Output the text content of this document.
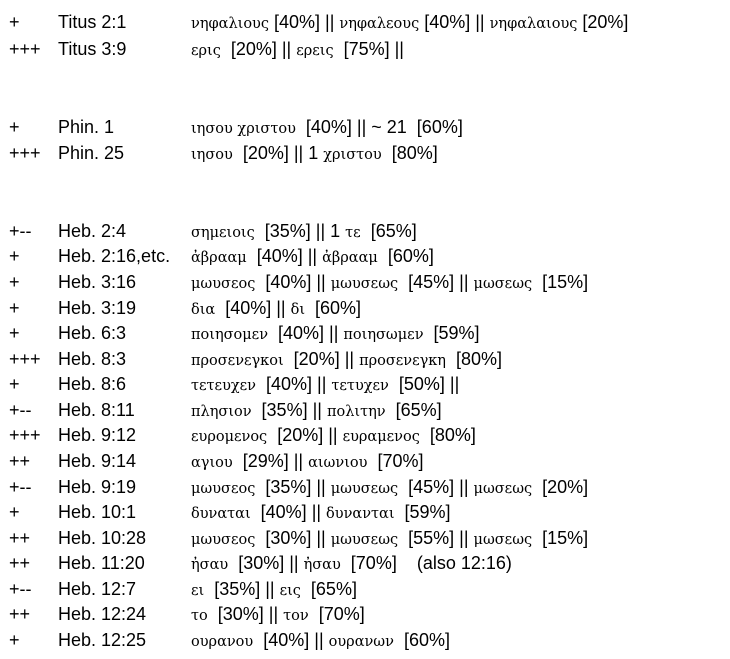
+ Titus 2:1	νηφαλιους [40%] || νηφαλεους [40%] || νηφαλαιους [20%]
+++ Titus 3:9	ερις  [20%] || ερεις  [75%] ||
+ Phin. 1	ιησου χριστου  [40%] || ~ 21  [60%]
+++ Phin. 25	ιησου  [20%] || 1 χριστου  [80%]
+-- Heb. 2:4	σημειοις  [35%] || 1 τε  [65%]
+ Heb. 2:16,etc. ἀβρααμ  [40%] || ἀβρααμ  [60%]
+ Heb. 3:16	μωυσεος  [40%] || μωυσεως  [45%] || μωσεως  [15%]
+ Heb. 3:19	δια  [40%] || δι  [60%]
+ Heb. 6:3	ποιησομεν  [40%] || ποιησωμεν  [59%]
+++ Heb. 8:3	προσενεγκοι  [20%] || προσενεγκη  [80%]
+ Heb. 8:6	τετευχεν  [40%] || τετυχεν  [50%] ||
+-- Heb. 8:11	πλησιον  [35%] || πολιτην  [65%]
+++ Heb. 9:12	ευρομενος  [20%] || ευραμενος  [80%]
++ Heb. 9:14	αγιου  [29%] || αιωνιου  [70%]
+-- Heb. 9:19	μωυσεος  [35%] || μωυσεως  [45%] || μωσεως  [20%]
+ Heb. 10:1	δυναται  [40%] || δυνανται  [59%]
++ Heb. 10:28	μωυσεος  [30%] || μωυσεως  [55%] || μωσεως  [15%]
++ Heb. 11:20	ἠσαυ  [30%] || ἠσαυ  [70%]    (also 12:16)
+-- Heb. 12:7	ει  [35%] || εις  [65%]
++ Heb. 12:24	το  [30%] || τον  [70%]
+ Heb. 12:25	ουρανου  [40%] || ουρανων  [60%]
